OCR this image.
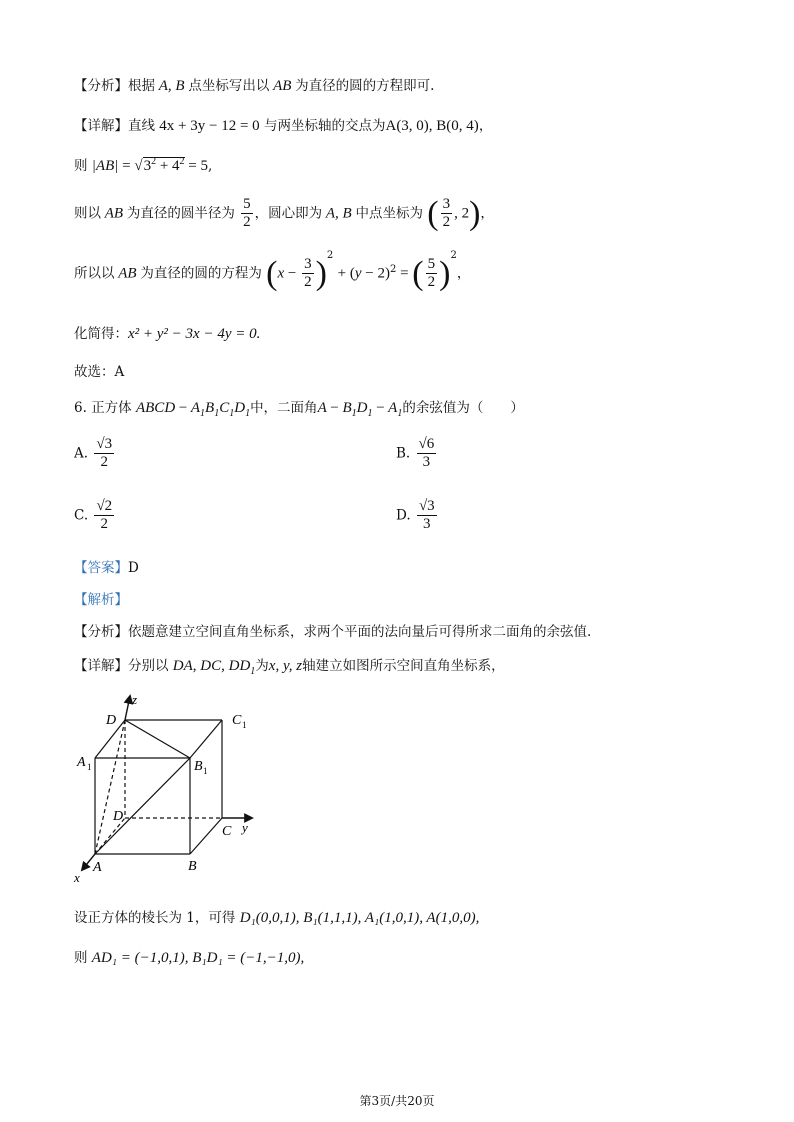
【分析】根据 A, B 点坐标写出以 AB 为直径的圆的方程即可.
【详解】直线 4x + 3y − 12 = 0 与两坐标轴的交点为A(3, 0), B(0, 4)，
则 $|AB| = √3^2 + 4^2 = 5$,
则以 AB 为直径的圆半径为 $\frac{5}{2}$ ，圆心即为 A, B 中点坐标为 ( $\frac{3}{2}$ , 2)，
所以以 AB 为直径的圆的方程为 $(x - \frac{3}{2} )^2 + (y - 2)^2$ = ( $\frac{5}{2} )^2$，
化简得：x² + y² − 3x − 4y = 0.
故选：A
6. 正方体 ABCD − $A_1B_1C_1D_1$中，二面角$A - B_1D_1 - A_1$的余弦值为（　　）
A. $\frac{√3}{2}$	B. $\frac{√6}{3}$
C. $\frac{√2}{2}$	D. $\frac{√3}{3}$
【答案】D
【解析】
【分析】依题意建立空间直角坐标系，求两个平面的法向量后可得所求二面角的余弦值.
【详解】分别以 DA, DC, $DD_1$为x, y, z轴建立如图所示空间直角坐标系，
z
D	C 1
A 1	B 1
D
C y
A	B
x
设正方体的棱长为 1，可得 D₁(0,0,1), B₁(1,1,1), A₁(1,0,1), A(1,0,0),
则 AD₁ = (−1,0,1), B₁D₁ = (−1,−1,0),
第3页/共20页
